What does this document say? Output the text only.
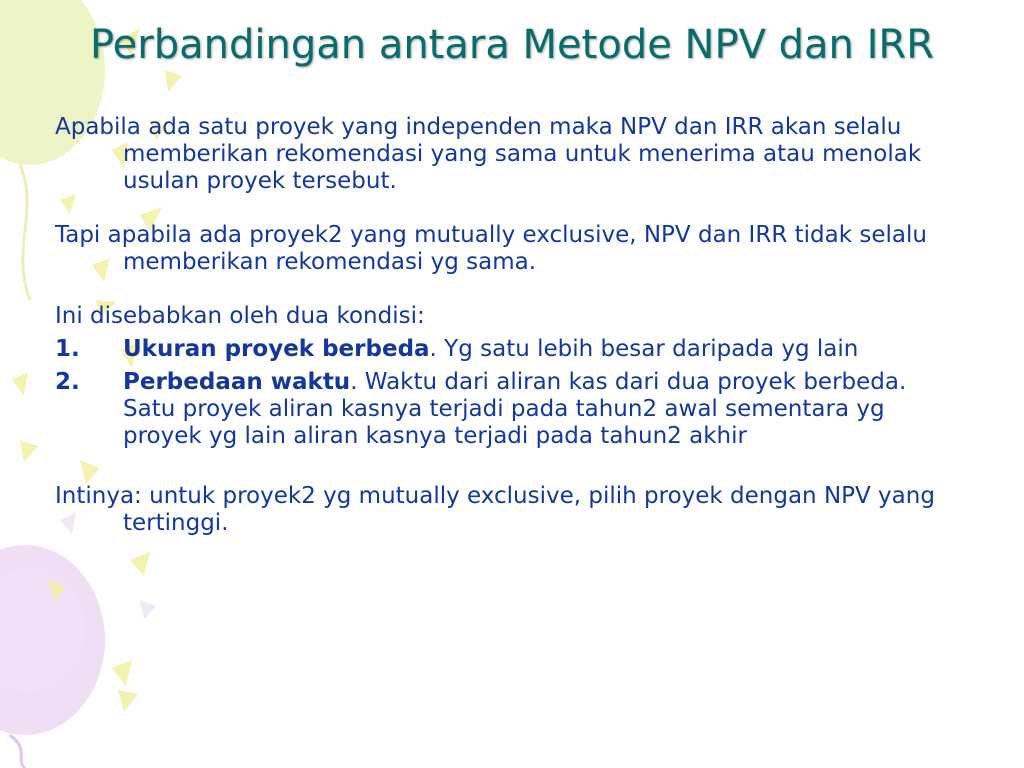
Perbandingan antara Metode NPV dan IRR

Apabila ada satu proyek yang independen maka NPV dan IRR akan selalu memberikan rekomendasi yang sama untuk menerima atau menolak usulan proyek tersebut.

Tapi apabila ada proyek2 yang mutually exclusive, NPV dan IRR tidak selalu memberikan rekomendasi yg sama.

Ini disebabkan oleh dua kondisi:

1.	Ukuran proyek berbeda. Yg satu lebih besar daripada yg lain
2.	Perbedaan waktu. Waktu dari aliran kas dari dua proyek berbeda. Satu proyek aliran kasnya terjadi pada tahun2 awal sementara yg proyek yg lain aliran kasnya terjadi pada tahun2 akhir

Intinya: untuk proyek2 yg mutually exclusive, pilih proyek dengan NPV yang tertinggi.
